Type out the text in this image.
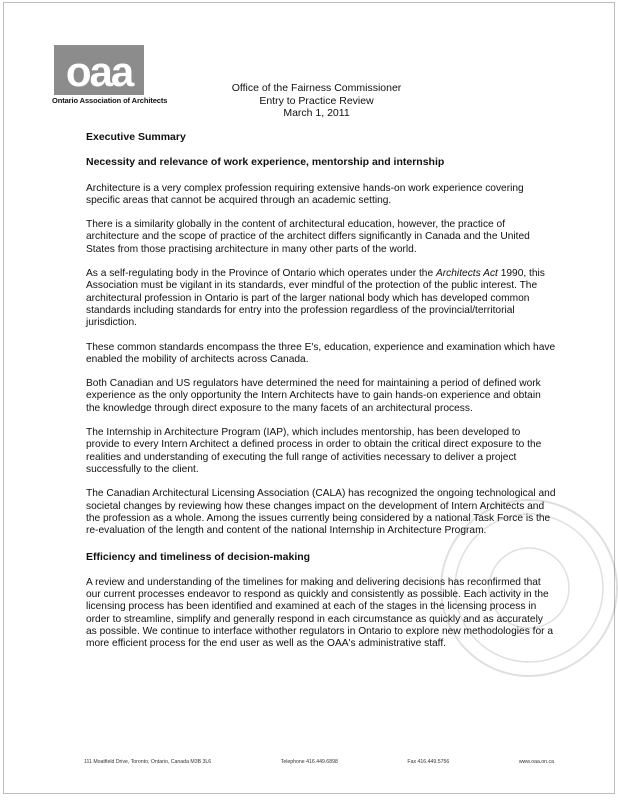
oaa
Ontario Association of Architects
Office of the Fairness Commissioner
Entry to Practice Review
March 1, 2011
Executive Summary
Necessity and relevance of work experience, mentorship and internship

Architecture is a very complex profession requiring extensive hands-on work experience covering specific areas that cannot be acquired through an academic setting.

There is a similarity globally in the content of architectural education, however, the practice of architecture and the scope of practice of the architect differs significantly in Canada and the United States from those practising architecture in many other parts of the world.

As a self-regulating body in the Province of Ontario which operates under the Architects Act 1990, this Association must be vigilant in its standards, ever mindful of the protection of the public interest. The architectural profession in Ontario is part of the larger national body which has developed common standards including standards for entry into the profession regardless of the provincial/territorial jurisdiction.

These common standards encompass the three E's, education, experience and examination which have enabled the mobility of architects across Canada.

Both Canadian and US regulators have determined the need for maintaining a period of defined work experience as the only opportunity the Intern Architects have to gain hands-on experience and obtain the knowledge through direct exposure to the many facets of an architectural process.

The Internship in Architecture Program (IAP), which includes mentorship, has been developed to provide to every Intern Architect a defined process in order to obtain the critical direct exposure to the realities and understanding of executing the full range of activities necessary to deliver a project successfully to the client.

The Canadian Architectural Licensing Association (CALA) has recognized the ongoing technological and societal changes by reviewing how these changes impact on the development of Intern Architects and the profession as a whole. Among the issues currently being considered by a national Task Force is the re-evaluation of the length and content of the national Internship in Architecture Program.

Efficiency and timeliness of decision-making

A review and understanding of the timelines for making and delivering decisions has reconfirmed that our current processes endeavor to respond as quickly and consistently as possible. Each activity in the licensing process has been identified and examined at each of the stages in the licensing process in order to streamline, simplify and generally respond in each circumstance as quickly and as accurately as possible. We continue to interface withother regulators in Ontario to explore new methodologies for a more efficient process for the end user as well as the OAA's administrative staff.

111 Moatfield Drive, Toronto, Ontario, Canada M3B 3L6	Telephone 416.449.6898	Fax 416.449.5756	www.oaa.on.ca
